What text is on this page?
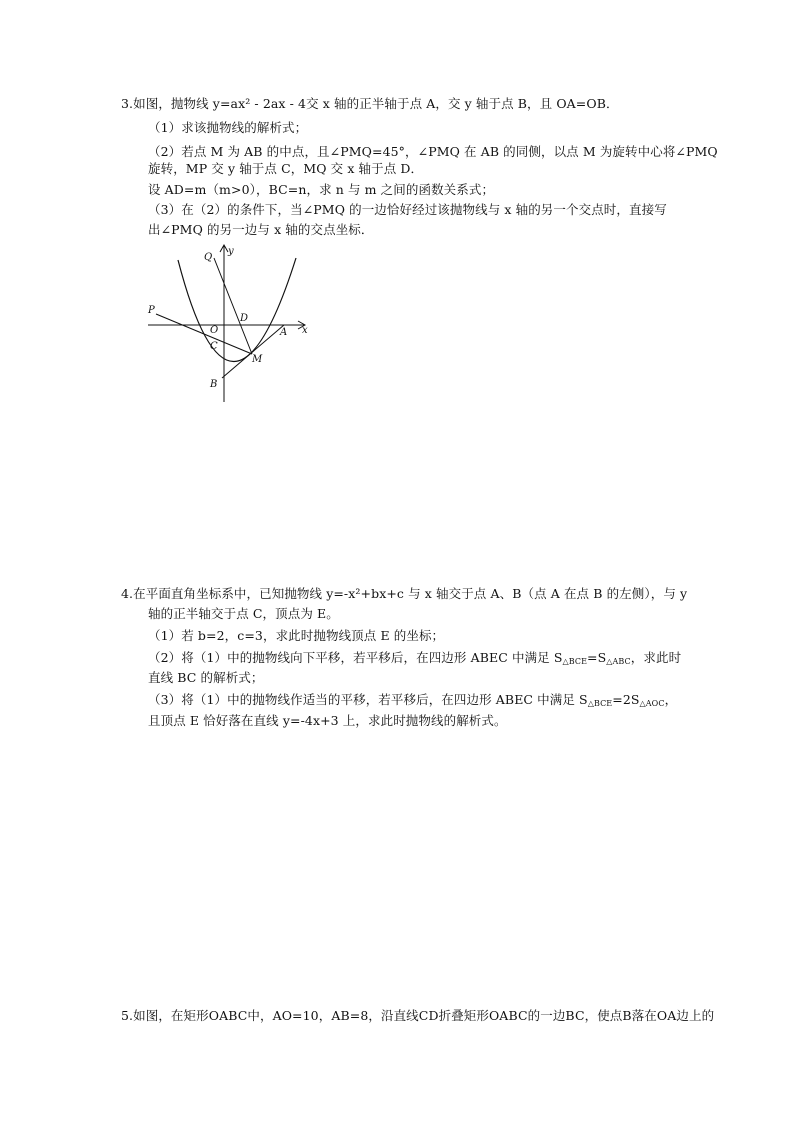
3.如图，抛物线 y=ax² - 2ax - 4交 x 轴的正半轴于点 A，交 y 轴于点 B，且 OA=OB．
（1）求该抛物线的解析式；
（2）若点 M 为 AB 的中点，且∠PMQ=45°，∠PMQ 在 AB 的同侧，以点 M 为旋转中心将∠PMQ
旋转，MP 交 y 轴于点 C，MQ 交 x 轴于点 D．
设 AD=m（m>0），BC=n，求 n 与 m 之间的函数关系式；
（3）在（2）的条件下，当∠PMQ 的一边恰好经过该抛物线与 x 轴的另一个交点时，直接写
出∠PMQ 的另一边与 x 轴的交点坐标．
Q
y
P
D
O	A x
C
M
B
4.在平面直角坐标系中，已知抛物线 y=-x²+bx+c 与 x 轴交于点 A、B（点 A 在点 B 的左侧），与 y
轴的正半轴交于点 C，顶点为 E。
（1）若 b=2，c=3，求此时抛物线顶点 E 的坐标；
（2）将（1）中的抛物线向下平移，若平移后，在四边形 ABEC 中满足 $S_{\triangle BCE}=S_{\triangle ABC}$，求此时
直线 BC 的解析式；
（3）将（1）中的抛物线作适当的平移，若平移后，在四边形 ABEC 中满足 $S_{\triangle BCE}=2S_{\triangle AOC}$，
且顶点 E 恰好落在直线 y=-4x+3 上，求此时抛物线的解析式。
5.如图，在矩形OABC中，AO=10，AB=8，沿直线CD折叠矩形OABC的一边BC，使点B落在OA边上的
